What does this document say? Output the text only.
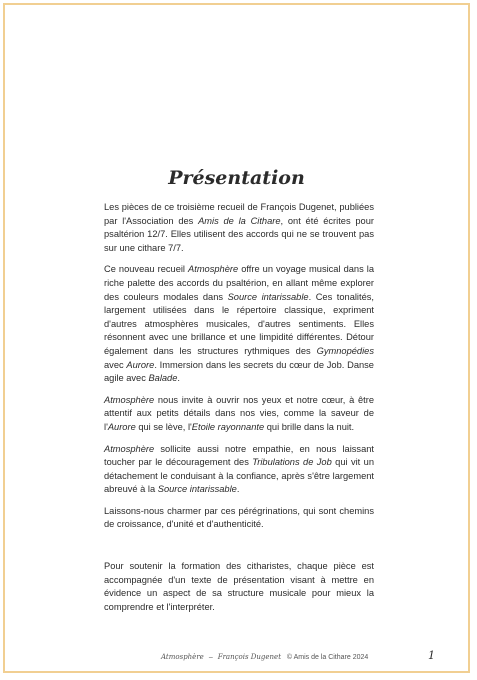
Présentation

Les pièces de ce troisième recueil de François Dugenet, publiées par l'Association des Amis de la Cithare, ont été écrites pour psaltérion 12/7. Elles utilisent des accords qui ne se trouvent pas sur une cithare 7/7.

Ce nouveau recueil Atmosphère offre un voyage musical dans la riche palette des accords du psaltérion, en allant même explorer des couleurs modales dans Source intarissable. Ces tonalités, largement utilisées dans le répertoire classique, expriment d'autres atmosphères musicales, d'autres sentiments. Elles résonnent avec une brillance et une limpidité différentes. Détour également dans les structures rythmiques des Gymnopédies avec Aurore. Immersion dans les secrets du cœur de Job. Danse agile avec Balade.

Atmosphère nous invite à ouvrir nos yeux et notre cœur, à être attentif aux petits détails dans nos vies, comme la saveur de l'Aurore qui se lève, l'Etoile rayonnante qui brille dans la nuit.

Atmosphère sollicite aussi notre empathie, en nous laissant toucher par le découragement des Tribulations de Job qui vit un détachement le conduisant à la confiance, après s'être largement abreuvé à la Source intarissable.

Laissons-nous charmer par ces pérégrinations, qui sont chemins de croissance, d'unité et d'authenticité.

Pour soutenir la formation des citharistes, chaque pièce est accompagnée d'un texte de présentation visant à mettre en évidence un aspect de sa structure musicale pour mieux la comprendre et l'interpréter.

Atmosphère – François Dugenet © Amis de la Cithare 2024	1
